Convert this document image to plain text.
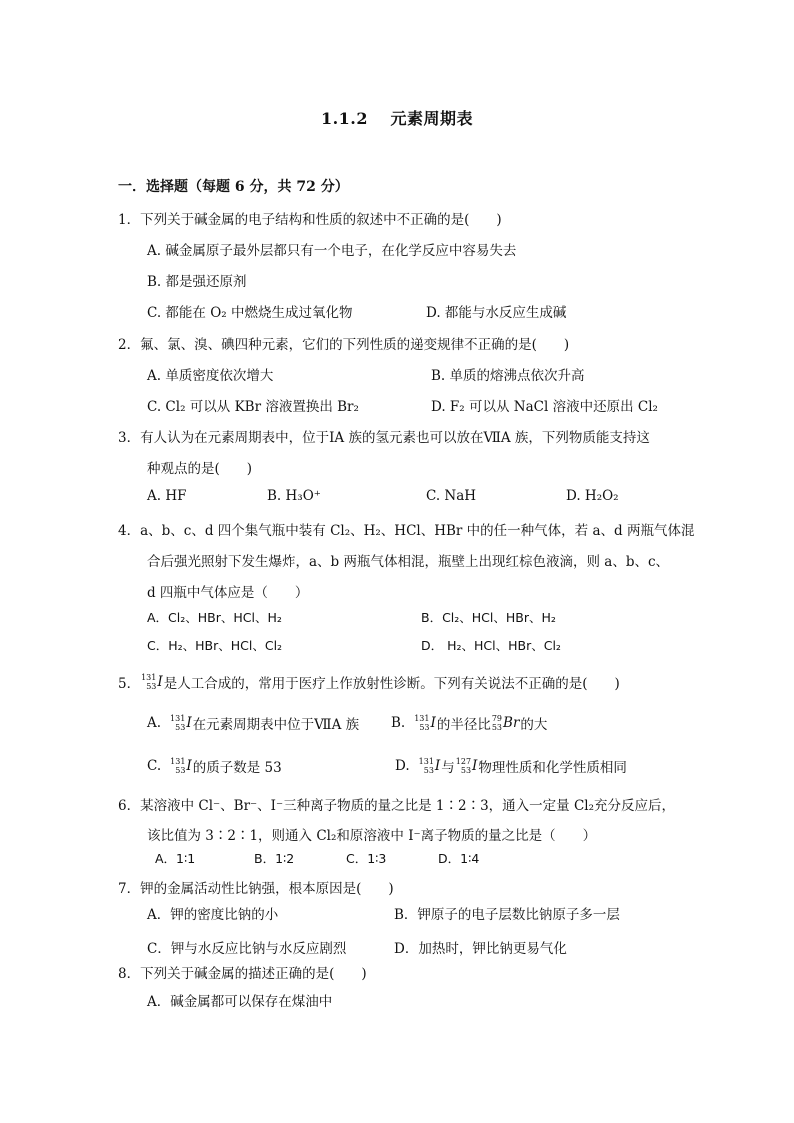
1.1.2　 元素周期表
一．选择题（每题 6 分，共 72 分）
1．下列关于碱金属的电子结构和性质的叙述中不正确的是(　　)
A. 碱金属原子最外层都只有一个电子，在化学反应中容易失去
B. 都是强还原剂
C. 都能在 O₂ 中燃烧生成过氧化物	D. 都能与水反应生成碱
2．氟、氯、溴、碘四种元素，它们的下列性质的递变规律不正确的是(　　)
A. 单质密度依次增大	B. 单质的熔沸点依次升高
C. Cl₂ 可以从 KBr 溶液置换出 Br₂	D. F₂ 可以从 NaCl 溶液中还原出 Cl₂
3．有人认为在元素周期表中，位于ⅠA 族的氢元素也可以放在ⅦA 族，下列物质能支持这
种观点的是(　　)
A. HF	B. H₃O⁺	C. NaH	D. H₂O₂
4．a、b、c、d 四个集气瓶中装有 Cl₂、H₂、HCl、HBr 中的任一种气体，若 a、d 两瓶气体混
合后强光照射下发生爆炸，a、b 两瓶气体相混，瓶壁上出现红棕色液滴，则 a、b、c、
d 四瓶中气体应是（　　）
A．Cl₂、HBr、HCl、H₂	B．Cl₂、HCl、HBr、H₂
C．H₂、HBr、HCl、Cl₂	D． H₂、HCl、HBr、Cl₂
5． 131
53 I 是人工合成的，常用于医疗上作放射性诊断。下列有关说法不正确的是(　　)
A. 131
53 I 在元素周期表中位于ⅦA 族 B. 131
53 I 的半径比 79
53 Br 的大
C. 131
53 I 的质子数是 53	D. 131
53 I 与 127
53 I 物理性质和化学性质相同
6．某溶液中 Cl⁻、Br⁻、I⁻三种离子物质的量之比是 1∶2∶3，通入一定量 Cl₂充分反应后，
该比值为 3∶2∶1，则通入 Cl₂和原溶液中 I⁻离子物质的量之比是（　　）
A．1∶1	B．1∶2	C．1∶3	D．1∶4
7．钾的金属活动性比钠强，根本原因是(　　)
A．钾的密度比钠的小	B．钾原子的电子层数比钠原子多一层
C．钾与水反应比钠与水反应剧烈	D．加热时，钾比钠更易气化
8．下列关于碱金属的描述正确的是(　　)
A．碱金属都可以保存在煤油中
